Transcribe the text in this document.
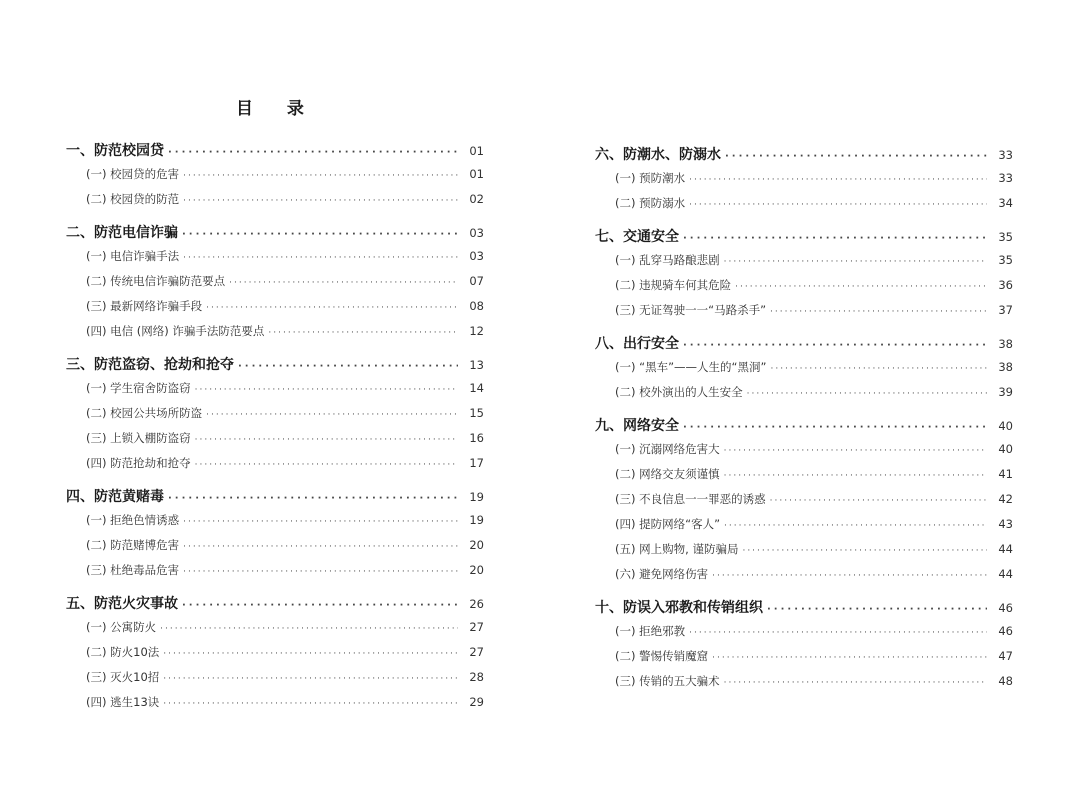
目 录
一、防范校园贷 ·····	01
(一) 校园贷的危害 ·····	01
(二) 校园贷的防范 ·····	02
二、防范电信诈骗 ·····	03
(一) 电信诈骗手法 ·····	03
(二) 传统电信诈骗防范要点 ·····	07
(三) 最新网络诈骗手段 ·····	08
(四) 电信 (网络) 诈骗手法防范要点 ·····	12
三、防范盗窃、抢劫和抢夺 ·····	13
(一) 学生宿舍防盗窃 ·····	14
(二) 校园公共场所防盗 ·····	15
(三) 上锁入棚防盗窃 ·····	16
(四) 防范抢劫和抢夺 ·····	17
四、防范黄赌毒 ·····	19
(一) 拒绝色情诱惑 ·····	19
(二) 防范赌博危害 ·····	20
(三) 杜绝毒品危害 ·····	20
五、防范火灾事故 ·····	26
(一) 公寓防火 ·····	27
(二) 防火10法 ·····	27
(三) 灭火10招 ·····	28
(四) 逃生13诀 ·····	29
六、防潮水、防溺水 ·····	33
(一) 预防潮水 ·····	33
(二) 预防溺水 ·····	34
七、交通安全 ·····	35
(一) 乱穿马路酿悲剧 ·····	35
(二) 违规骑车何其危险 ·····	36
(三) 无证驾驶一一“马路杀手” ·····	37
八、出行安全 ·····	38
(一) “黑车”——人生的“黑洞” ·····	38
(二) 校外演出的人生安全 ·····	39
九、网络安全 ·····	40
(一) 沉溺网络危害大 ·····	40
(二) 网络交友须谨慎 ·····	41
(三) 不良信息一一罪恶的诱惑 ·····	42
(四) 提防网络“客人” ·····	43
(五) 网上购物, 谨防骗局 ·····	44
(六) 避免网络伤害 ·····	44
十、防误入邪教和传销组织 ·····	46
(一) 拒绝邪教 ·····	46
(二) 警惕传销魔窟 ·····	47
(三) 传销的五大骗术 ·····	48
